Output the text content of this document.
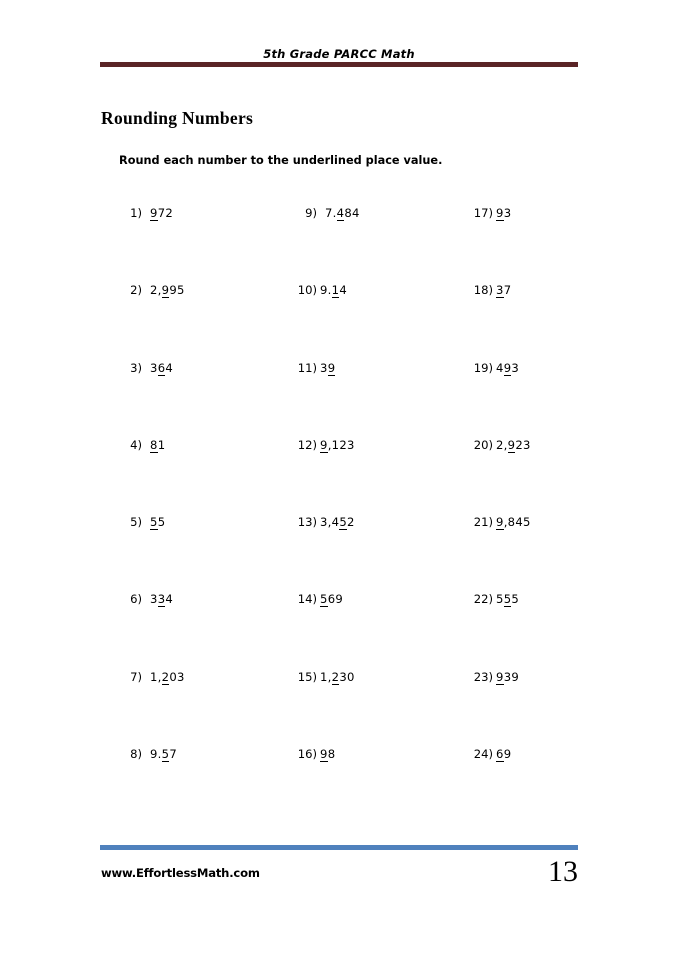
5th Grade PARCC Math
Rounding Numbers
Round each number to the underlined place value.
1) 972	9) 7.484	17) 93
2) 2,995	10) 9.14	18) 37
3) 364	11) 39	19) 493
4) 81	12) 9,123	20) 2,923
5) 55	13) 3,452	21) 9,845
6) 334	14) 569	22) 555
7) 1,203	15) 1,230	23) 939
8) 9.57	16) 98	24) 69
www.EffortlessMath.com	13
